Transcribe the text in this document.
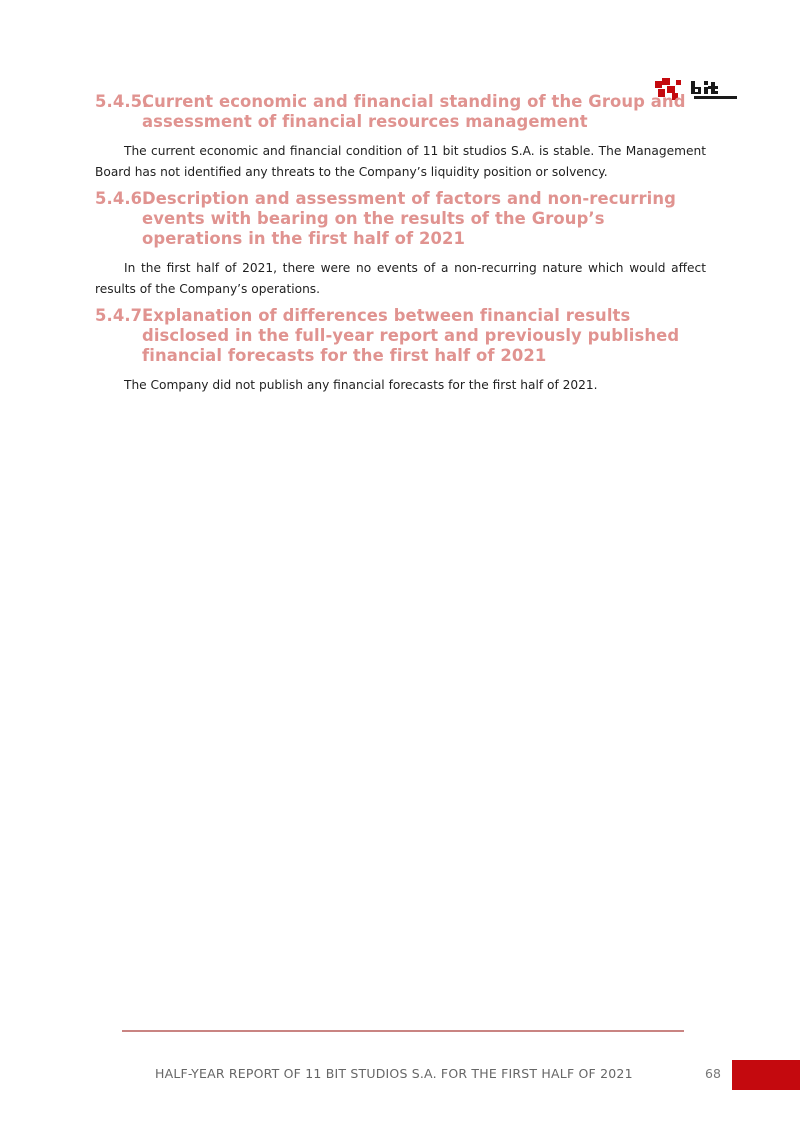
5.4.5.
Current economic and financial standing of the Group and assessment of financial resources management

The current economic and financial condition of 11 bit studios S.A. is stable. The Management Board has not identified any threats to the Company’s liquidity position or solvency.

5.4.6.
Description and assessment of factors and non-recurring events with bearing on the results of the Group’s operations in the first half of 2021

In the first half of 2021, there were no events of a non-recurring nature which would affect results of the Company’s operations.

5.4.7.
Explanation of differences between financial results disclosed in the full-year report and previously published financial forecasts for the first half of 2021

The Company did not publish any financial forecasts for the first half of 2021.

HALF-YEAR REPORT OF 11 BIT STUDIOS S.A. FOR THE FIRST HALF OF 2021	68
